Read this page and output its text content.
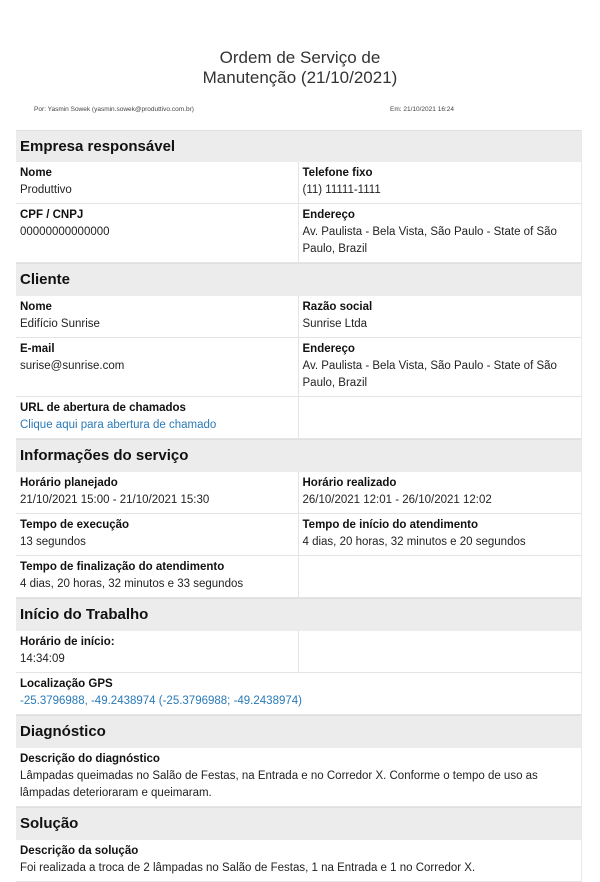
Ordem de Serviço de
Manutenção (21/10/2021)
Por: Yasmin Sowek (yasmin.sowek@produttivo.com.br)	Em: 21/10/2021 16:24
Empresa responsável
Nome
Produttivo
Telefone fixo
(11) 11111-1111
CPF / CNPJ
00000000000000
Endereço
Av. Paulista - Bela Vista, São Paulo - State of São Paulo, Brazil
Cliente
Nome
Edifício Sunrise
Razão social
Sunrise Ltda
E-mail
surise@sunrise.com
Endereço
Av. Paulista - Bela Vista, São Paulo - State of São Paulo, Brazil
URL de abertura de chamados
Clique aqui para abertura de chamado
Informações do serviço
Horário planejado
21/10/2021 15:00 - 21/10/2021 15:30
Horário realizado
26/10/2021 12:01 - 26/10/2021 12:02
Tempo de execução
13 segundos
Tempo de início do atendimento
4 dias, 20 horas, 32 minutos e 20 segundos
Tempo de finalização do atendimento
4 dias, 20 horas, 32 minutos e 33 segundos
Início do Trabalho
Horário de início:
14:34:09
Localização GPS
-25.3796988, -49.2438974 (-25.3796988; -49.2438974)
Diagnóstico
Descrição do diagnóstico
Lâmpadas queimadas no Salão de Festas, na Entrada e no Corredor X. Conforme o tempo de uso as lâmpadas deterioraram e queimaram.
Solução
Descrição da solução
Foi realizada a troca de 2 lâmpadas no Salão de Festas, 1 na Entrada e 1 no Corredor X.
